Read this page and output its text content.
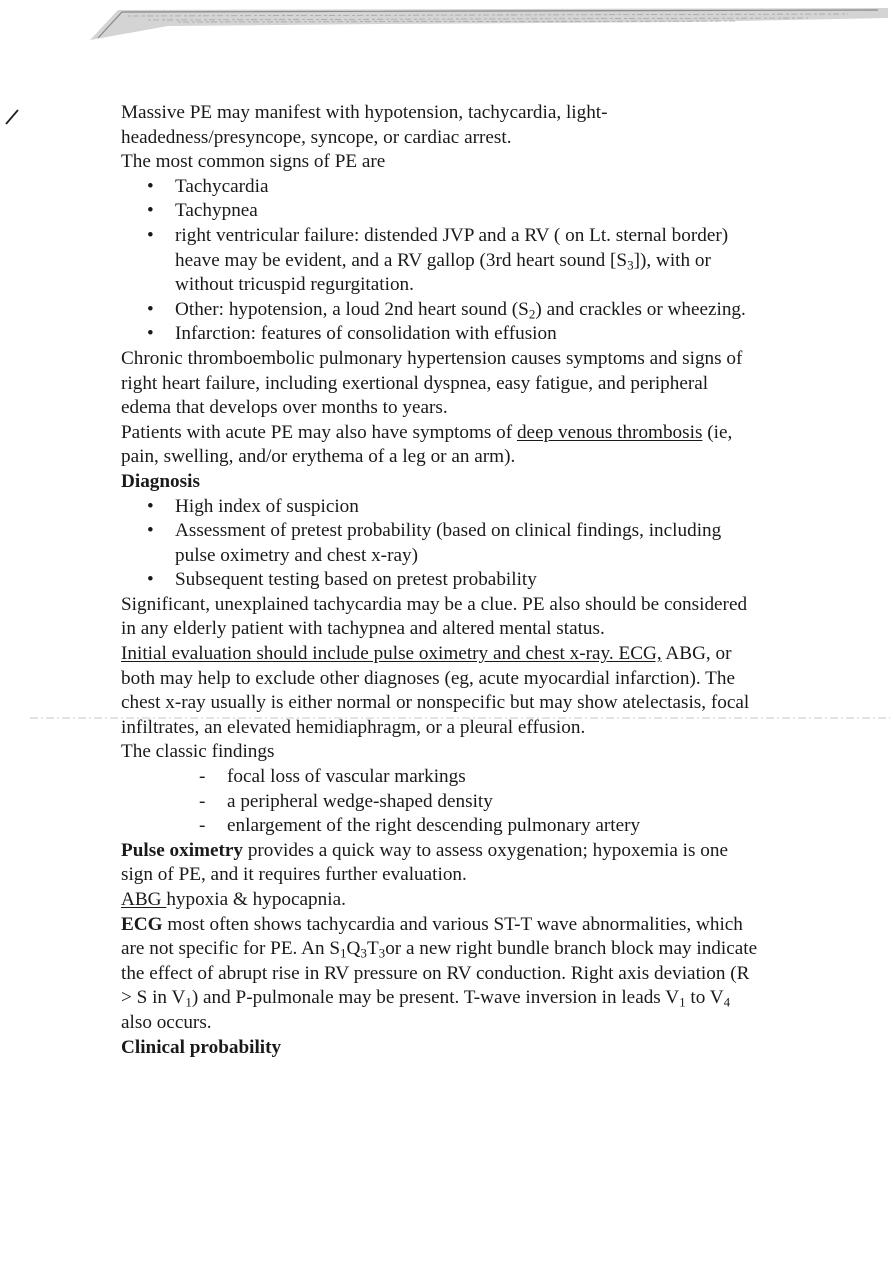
Massive PE may manifest with hypotension, tachycardia, light-headedness/presyncope, syncope, or cardiac arrest.

The most common signs of PE are

• Tachycardia
• Tachypnea
• right ventricular failure: distended JVP and a RV ( on Lt. sternal border) heave may be evident, and a RV gallop (3rd heart sound $[S_3]$), with or without tricuspid regurgitation.
• Other: hypotension, a loud 2nd heart sound $(S_2)$ and crackles or wheezing.
• Infarction: features of consolidation with effusion

Chronic thromboembolic pulmonary hypertension causes symptoms and signs of right heart failure, including exertional dyspnea, easy fatigue, and peripheral edema that develops over months to years.

Patients with acute PE may also have symptoms of deep venous thrombosis (ie, pain, swelling, and/or erythema of a leg or an arm).

Diagnosis

• High index of suspicion
• Assessment of pretest probability (based on clinical findings, including pulse oximetry and chest x-ray)
• Subsequent testing based on pretest probability

Significant, unexplained tachycardia may be a clue. PE also should be considered in any elderly patient with tachypnea and altered mental status.

Initial evaluation should include pulse oximetry and chest x-ray. ECG, ABG, or both may help to exclude other diagnoses (eg, acute myocardial infarction). The chest x-ray usually is either normal or nonspecific but may show atelectasis, focal infiltrates, an elevated hemidiaphragm, or a pleural effusion.

The classic findings

- focal loss of vascular markings
- a peripheral wedge-shaped density
- enlargement of the right descending pulmonary artery

Pulse oximetry provides a quick way to assess oxygenation; hypoxemia is one sign of PE, and it requires further evaluation.

ABG hypoxia & hypocapnia.

ECG most often shows tachycardia and various ST-T wave abnormalities, which are not specific for PE. An $S_1Q_3T_3or$ a new right bundle branch block may indicate the effect of abrupt rise in RV pressure on RV conduction. Right axis deviation (R > S in $V_1$) and P-pulmonale may be present. T-wave inversion in leads $V_1$ to $V_4$ also occurs.

Clinical probability
